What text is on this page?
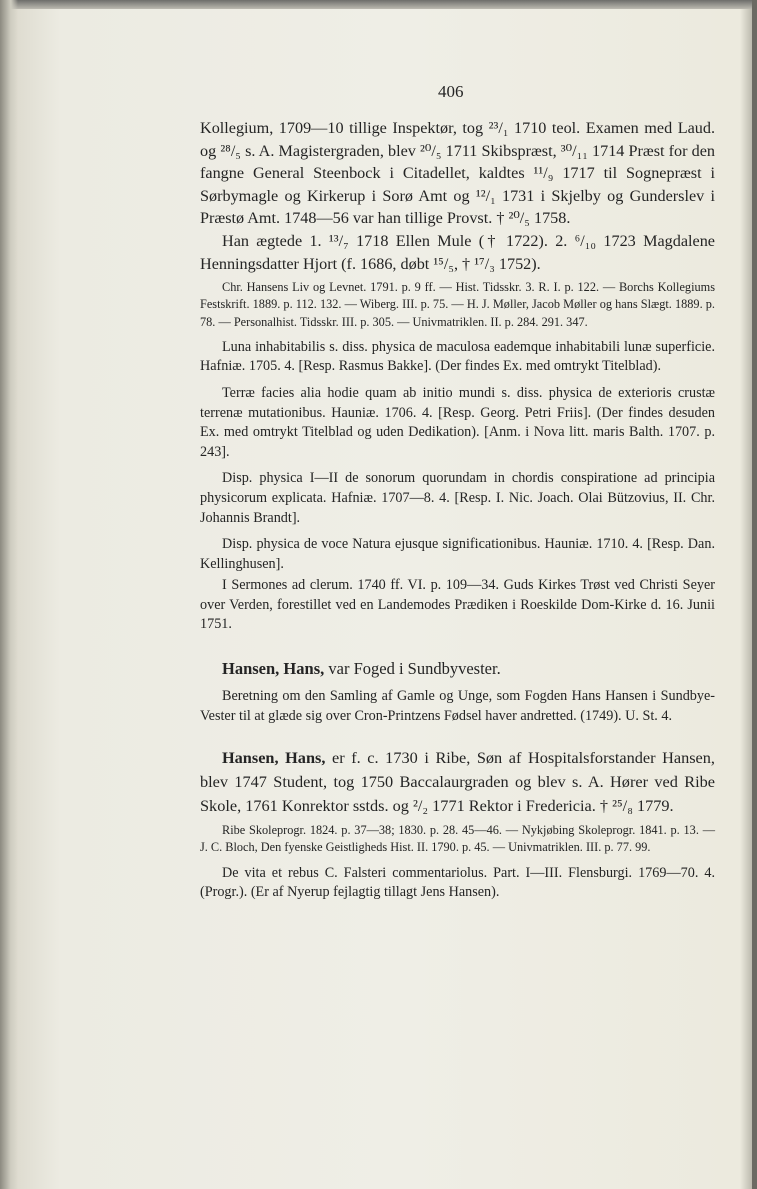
406

Kollegium, 1709—10 tillige Inspektør, tog ²³/₁ 1710 teol. Examen med Laud. og ²⁸/₅ s. A. Magistergraden, blev ²⁰/₅ 1711 Skibspræst, ³⁰/₁₁ 1714 Præst for den fangne General Steenbock i Citadellet, kaldtes ¹¹/₉ 1717 til Sognepræst i Sørbymagle og Kirkerup i Sorø Amt og ¹²/₁ 1731 i Skjelby og Gunderslev i Præstø Amt. 1748—56 var han tillige Provst. † ²⁰/₅ 1758.

Han ægtede 1. ¹³/₇ 1718 Ellen Mule († 1722). 2. ⁶/₁₀ 1723 Magdalene Henningsdatter Hjort (f. 1686, døbt ¹⁵/₅, † ¹⁷/₃ 1752).

Chr. Hansens Liv og Levnet. 1791. p. 9 ff. — Hist. Tidsskr. 3. R. I. p. 122. — Borchs Kollegiums Festskrift. 1889. p. 112. 132. — Wiberg. III. p. 75. — H. J. Møller, Jacob Møller og hans Slægt. 1889. p. 78. — Personalhist. Tidsskr. III. p. 305. — Univmatriklen. II. p. 284. 291. 347.

Luna inhabitabilis s. diss. physica de maculosa eademque inhabitabili lunæ superficie. Hafniæ. 1705. 4. [Resp. Rasmus Bakke]. (Der findes Ex. med omtrykt Titelblad).

Terræ facies alia hodie quam ab initio mundi s. diss. physica de exterioris crustæ terrenæ mutationibus. Hauniæ. 1706. 4. [Resp. Georg. Petri Friis]. (Der findes desuden Ex. med omtrykt Titelblad og uden Dedikation). [Anm. i Nova litt. maris Balth. 1707. p. 243].

Disp. physica I—II de sonorum quorundam in chordis conspiratione ad principia physicorum explicata. Hafniæ. 1707—8. 4. [Resp. I. Nic. Joach. Olai Bützovius, II. Chr. Johannis Brandt].

Disp. physica de voce Natura ejusque significationibus. Hauniæ. 1710. 4. [Resp. Dan. Kellinghusen].

I Sermones ad clerum. 1740 ff. VI. p. 109—34. Guds Kirkes Trøst ved Christi Seyer over Verden, forestillet ved en Landemodes Prædiken i Roeskilde Dom-Kirke d. 16. Junii 1751.

Hansen, Hans, var Foged i Sundbyvester.

Beretning om den Samling af Gamle og Unge, som Fogden Hans Hansen i Sundbye-Vester til at glæde sig over Cron-Printzens Fødsel haver andretted. (1749). U. St. 4.

Hansen, Hans, er f. c. 1730 i Ribe, Søn af Hospitalsforstander Hansen, blev 1747 Student, tog 1750 Baccalaurgraden og blev s. A. Hører ved Ribe Skole, 1761 Konrektor sstds. og ²/₂ 1771 Rektor i Fredericia. † ²⁵/₈ 1779.

Ribe Skoleprogr. 1824. p. 37—38; 1830. p. 28. 45—46. — Nykjøbing Skoleprogr. 1841. p. 13. — J. C. Bloch, Den fyenske Geistligheds Hist. II. 1790. p. 45. — Univmatriklen. III. p. 77. 99.

De vita et rebus C. Falsteri commentariolus. Part. I—III. Flensburgi. 1769—70. 4. (Progr.). (Er af Nyerup fejlagtig tillagt Jens Hansen).
